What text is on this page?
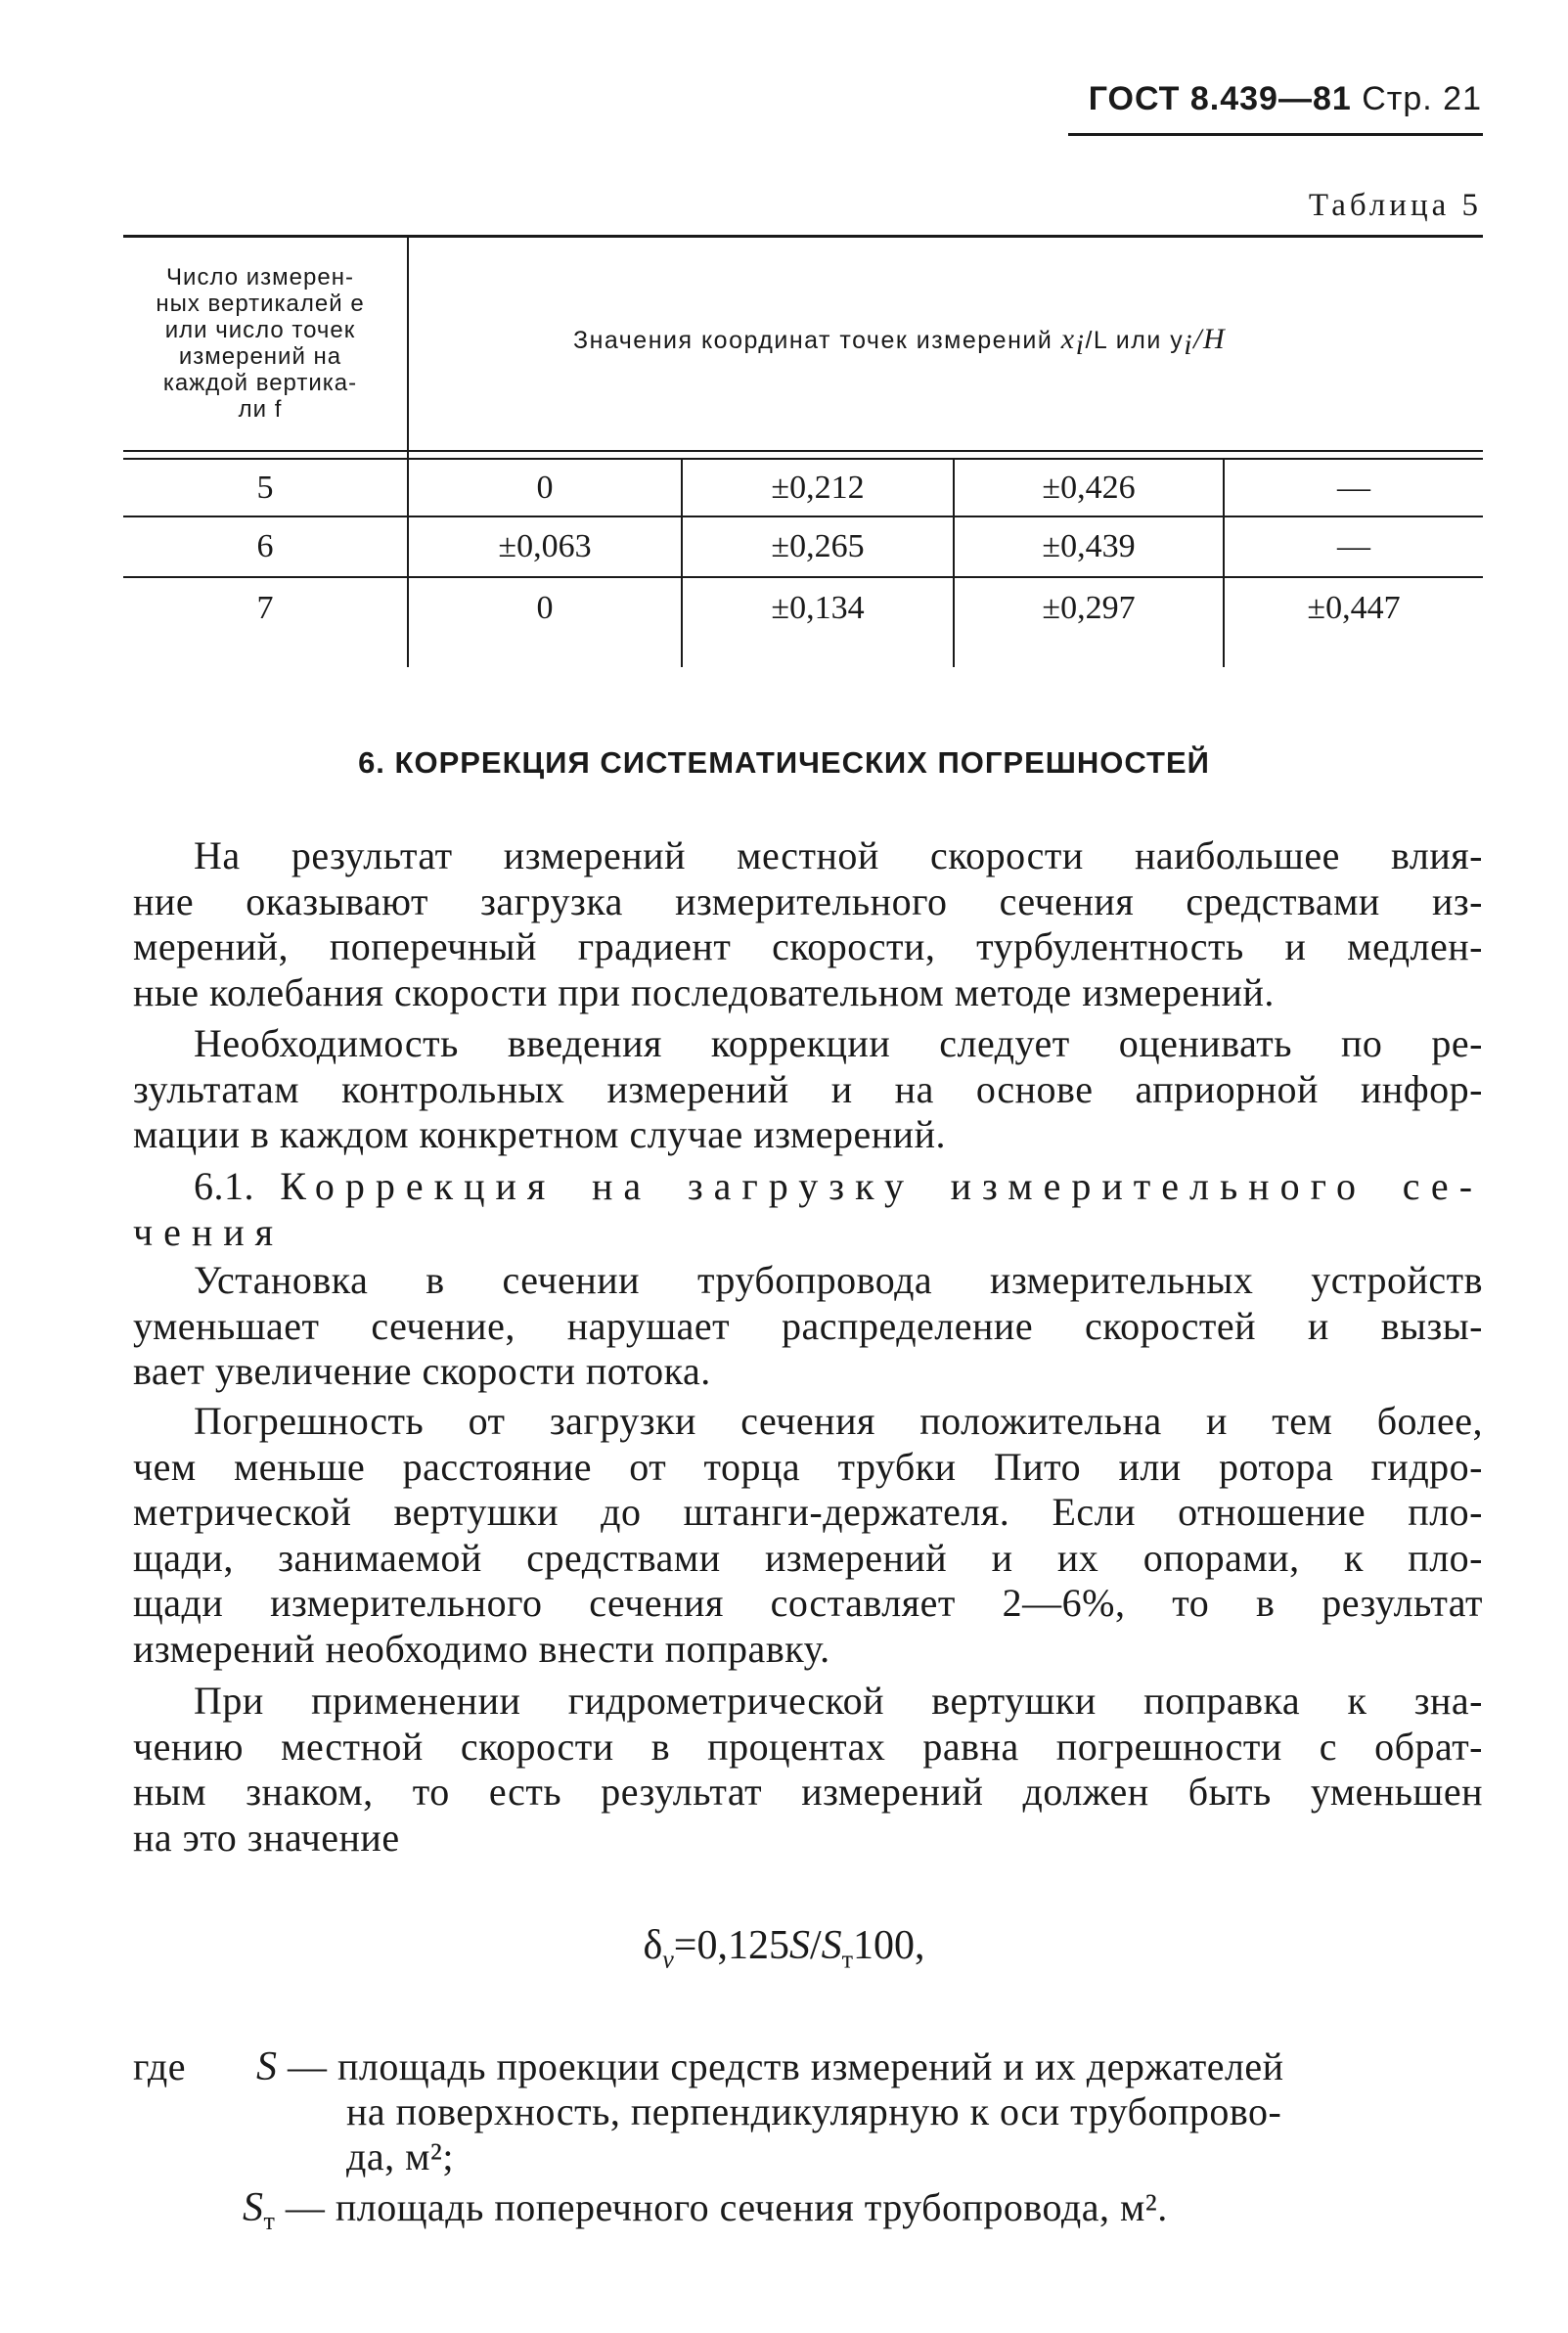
ГОСТ 8.439—81 Стр. 21
Таблица 5
Число измерен-
ных вертикалей e
или число точек
измерений на
каждой вертика-
ли f
Значения координат точек измерений $x_i/L$ или $y_i/H$
5	0	±0,212	±0,426	—
6	±0,063	±0,265	±0,439	—
7	0	±0,134	±0,297	±0,447
6. КОРРЕКЦИЯ СИСТЕМАТИЧЕСКИХ ПОГРЕШНОСТЕЙ
На результат измерений местной скорости наибольшее влия-
ние оказывают загрузка измерительного сечения средствами из-
мерений, поперечный градиент скорости, турбулентность и медлен-
ные колебания скорости при последовательном методе измерений.
Необходимость введения коррекции следует оценивать по ре-
зультатам контрольных измерений и на основе априорной инфор-
мации в каждом конкретном случае измерений.
6.1. Коррекция на загрузку измерительного се-
чения
Установка в сечении трубопровода измерительных устройств
уменьшает сечение, нарушает распределение скоростей и вызы-
вает увеличение скорости потока.
Погрешность от загрузки сечения положительна и тем более,
чем меньше расстояние от торца трубки Пито или ротора гидро-
метрической вертушки до штанги-держателя. Если отношение пло-
щади, занимаемой средствами измерений и их опорами, к пло-
щади измерительного сечения составляет 2—6%, то в результат
измерений необходимо внести поправку.
При применении гидрометрической вертушки поправка к зна-
чению местной скорости в процентах равна погрешности с обрат-
ным знаком, то есть результат измерений должен быть уменьшен
на это значение
$\delta_v=0,125S/S_т100$,
где S — площадь проекции средств измерений и их держателей
на поверхность, перпендикулярную к оси трубопрово-
да, м²;
$S_т$ — площадь поперечного сечения трубопровода, м².
